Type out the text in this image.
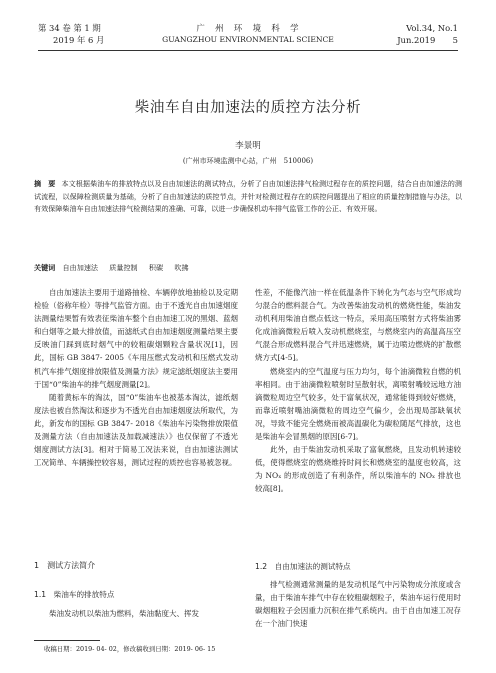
第 34 卷 第 1 期
2019 年 6 月
广　州　环　境　科　学
GUANGZHOU ENVIRONMENTAL SCIENCE
Vol.34, No.1
Jun.2019 5
柴油车自由加速法的质控方法分析
李景明
(广州市环境监测中心站，广州　510006)
摘　要 本文根据柴油车的排放特点以及自由加速法的测试特点，分析了自由加速法排气检测过程存在的质控问题，结合自由加速法的测试流程，以保障检测质量为基础，分析了自由加速法的质控节点，并针对检测过程存在的质控问题提出了相应的质量控制措施与办法，以有效保障柴油车自由加速法排气检测结果的准确、可靠，以进一步确保机动车排气监管工作的公正、有效开展。
关键词 自由加速法 质量控制 积碳 吹拂

自由加速法主要用于道路抽检、车辆停放地抽检以及定期检验（俗称年检）等排气监管方面。由于不透光自由加速烟度法测量结果暂有效表征柴油车整个自由加速工况的黑烟、蓝烟和白烟等之最大排放值，而滤纸式自由加速烟度测量结果主要反映油门踩到底时烟气中的较粗碳烟颗粒含量状况[1]，因此，国标 GB 3847- 2005《车用压燃式发动机和压燃式发动机汽车排气烟度排放限值及测量方法》规定滤纸烟度法主要用于国“0”柴油车的排气烟度测量[2]。

随着黄标车的淘汰，国“0”柴油车也被基本淘汰，滤纸烟度法也被自然淘汰和逐步为不透光自由加速烟度法所取代，为此，新发布的国标 GB 3847- 2018《柴油车污染物排放限值及测量方法（自由加速法及加载减速法）》也仅保留了不透光烟度测试方法[3]。相对于简易工况法来说，自由加速法测试工况简单、车辆操控较容易，测试过程的质控也容易被忽视。

1　测试方法简介
1.1　柴油车的排放特点

柴油发动机以柴油为燃料，柴油黏度大、挥发

性差，不能像汽油一样在低温条件下转化为气态与空气形成均匀混合的燃料混合气。为改善柴油发动机的燃烧性能，柴油发动机利用柴油自燃点低这一特点，采用高压喷射方式将柴油雾化成油滴微粒后喷入发动机燃烧室，与燃烧室内的高温高压空气混合形成燃料混合气并迅速燃烧，属于边喷边燃烧的扩散燃烧方式[4-5]。

燃烧室内的空气温度与压力均匀，每个油滴微粒自燃的机率相同。由于油滴微粒喷射时呈散射状，离喷射嘴较远地方油滴微粒周边空气较多，处于富氧状况，通常能得到较好燃烧，而靠近喷射嘴油滴微粒的周边空气偏少，会出现局部缺氧状况，导致不能完全燃烧而被高温碳化为碳粒随尾气排放，这也是柴油车会冒黑烟的原因[6-7]。

此外，由于柴油发动机采取了富氧燃烧，且发动机转速较低，使得燃烧室的燃烧维持时间长和燃烧室的温度也较高，这为 NOₓ 的形成创造了有利条件，所以柴油车的 NOₓ 排放也较高[8]。

1.2　自由加速法的测试特点

排气检测通常测量的是发动机尾气中污染物成分浓度或含量，由于柴油车排气中存在较粗碳烟粒子，柴油车运行使用时碳烟粗粒子会因重力沉积在排气系统内。由于自由加速工况存在一个油门快速

收稿日期：2019- 04- 02，修改稿收到日期：2019- 06- 15
